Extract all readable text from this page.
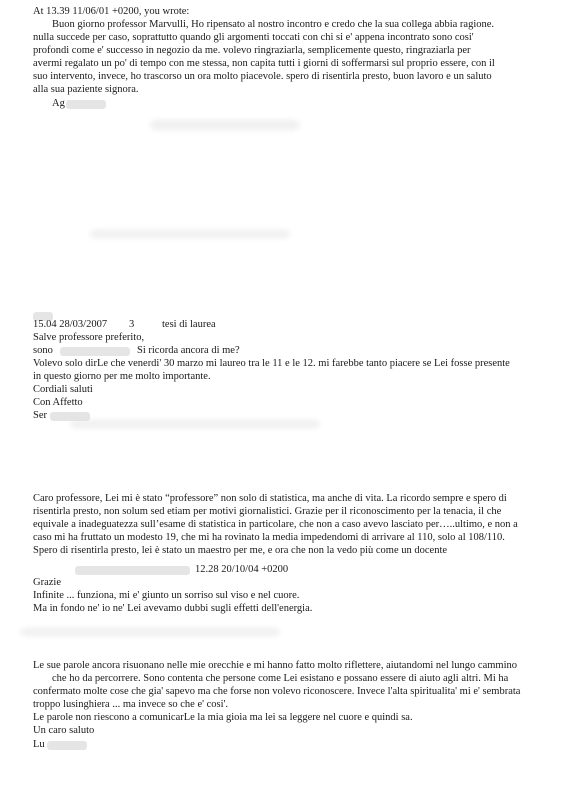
At 13.39 11/06/01 +0200, you wrote:
Buon giorno professor Marvulli, Ho ripensato al nostro incontro e credo che la sua collega abbia ragione.
nulla succede per caso, soprattutto quando gli argomenti toccati con chi si e' appena incontrato sono cosi'
profondi come e' successo in negozio da me. volevo ringraziarla, semplicemente questo, ringraziarla per
avermi regalato un po' di tempo con me stessa, non capita tutti i giorni di soffermarsi sul proprio essere, con il
suo intervento, invece, ho trascorso un ora molto piacevole. spero di risentirla presto, buon lavoro e un saluto
alla sua paziente signora.
Ag
15.04 28/03/2007 3	tesi di laurea
Salve professore preferito,
sono	Si ricorda ancora di me?
Volevo solo dirLe che venerdi' 30 marzo mi laureo tra le 11 e le 12. mi farebbe tanto piacere se Lei fosse presente
in questo giorno per me molto importante.
Cordiali saluti
Con Affetto
Ser
Caro professore, Lei mi è stato “professore” non solo di statistica, ma anche di vita. La ricordo sempre e spero di
risentirla presto, non solum sed etiam per motivi giornalistici. Grazie per il riconoscimento per la tenacia, il che
equivale a inadeguatezza sull’esame di statistica in particolare, che non a caso avevo lasciato per…..ultimo, e non a
caso mi ha fruttato un modesto 19, che mi ha rovinato la media impedendomi di arrivare al 110, solo al 108/110.
Spero di risentirla presto, lei è stato un maestro per me, e ora che non la vedo più come un docente
12.28 20/10/04 +0200
Grazie
Infinite ... funziona, mi e' giunto un sorriso sul viso e nel cuore.
Ma in fondo ne' io ne' Lei avevamo dubbi sugli effetti dell'energia.
Le sue parole ancora risuonano nelle mie orecchie e mi hanno fatto molto riflettere, aiutandomi nel lungo cammino
che ho da percorrere. Sono contenta che persone come Lei esistano e possano essere di aiuto agli altri. Mi ha
confermato molte cose che gia' sapevo ma che forse non volevo riconoscere. Invece l'alta spiritualita' mi e' sembrata
troppo lusinghiera ... ma invece so che e' cosi'.
Le parole non riescono a comunicarLe la mia gioia ma lei sa leggere nel cuore e quindi sa.
Un caro saluto
Lu
